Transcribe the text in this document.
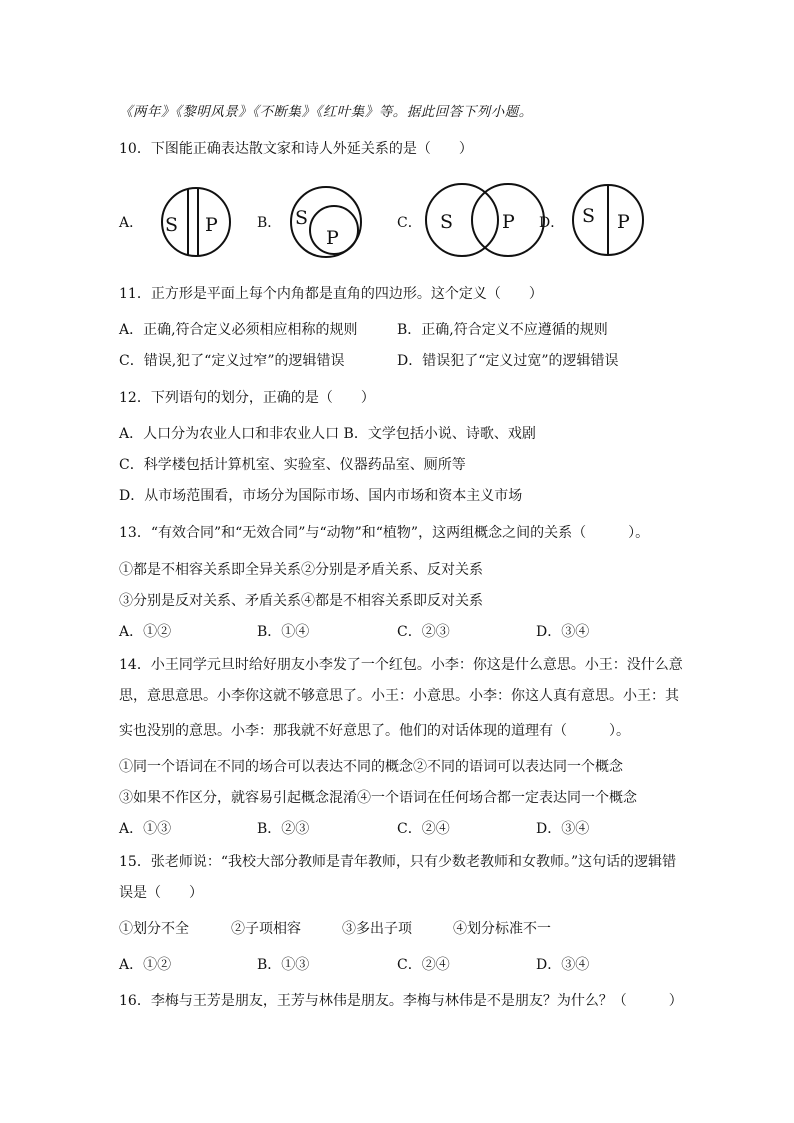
《两年》《黎明风景》《不断集》《红叶集》等。据此回答下列小题。
10．下图能正确表达散文家和诗人外延关系的是（　　）
A． S P	B． S
P
C． S	P D． S P
11．正方形是平面上每个内角都是直角的四边形。这个定义（　　）
A．正确,符合定义必须相应相称的规则	B．正确,符合定义不应遵循的规则
C．错误,犯了“定义过窄”的逻辑错误	D．错误犯了“定义过宽”的逻辑错误
12．下列语句的划分，正确的是（　　）
A．人口分为农业人口和非农业人口 B．文学包括小说、诗歌、戏剧
C．科学楼包括计算机室、实验室、仪器药品室、厕所等
D．从市场范围看，市场分为国际市场、国内市场和资本主义市场
13．“有效合同”和“无效合同”与“动物”和“植物”，这两组概念之间的关系（　　　）。
①都是不相容关系即全异关系②分别是矛盾关系、反对关系
③分别是反对关系、矛盾关系④都是不相容关系即反对关系
A．①②	B．①④	C．②③	D．③④
14．小王同学元旦时给好朋友小李发了一个红包。小李：你这是什么意思。小王：没什么意
思，意思意思。小李你这就不够意思了。小王：小意思。小李：你这人真有意思。小王：其
实也没别的意思。小李：那我就不好意思了。他们的对话体现的道理有（　　　）。
①同一个语词在不同的场合可以表达不同的概念②不同的语词可以表达同一个概念
③如果不作区分，就容易引起概念混淆④一个语词在任何场合都一定表达同一个概念
A．①③	B．②③	C．②④	D．③④
15．张老师说：“我校大部分教师是青年教师，只有少数老教师和女教师。”这句话的逻辑错
误是（　　）
①划分不全	②子项相容	③多出子项	④划分标准不一
A．①②	B．①③	C．②④	D．③④
16．李梅与王芳是朋友，王芳与林伟是朋友。李梅与林伟是不是朋友？为什么？（　　　）
